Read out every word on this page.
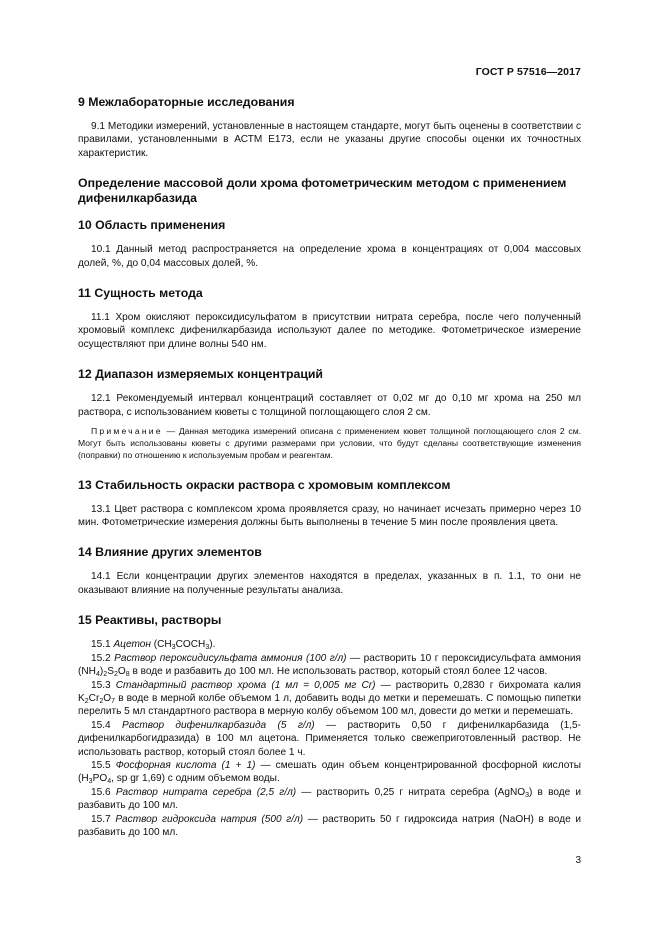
ГОСТ Р 57516—2017
9 Межлабораторные исследования

9.1 Методики измерений, установленные в настоящем стандарте, могут быть оценены в соответствии с правилами, установленными в АСТМ Е173, если не указаны другие способы оценки их точностных характеристик.

Определение массовой доли хрома фотометрическим методом с применением дифенилкарбазида
10 Область применения

10.1 Данный метод распространяется на определение хрома в концентрациях от 0,004 массовых долей, %, до 0,04 массовых долей, %.

11 Сущность метода

11.1 Хром окисляют пероксидисульфатом в присутствии нитрата серебра, после чего полученный хромовый комплекс дифенилкарбазида используют далее по методике. Фотометрическое измерение осуществляют при длине волны 540 нм.

12 Диапазон измеряемых концентраций

12.1 Рекомендуемый интервал концентраций составляет от 0,02 мг до 0,10 мг хрома на 250 мл раствора, с использованием кюветы с толщиной поглощающего слоя 2 см.

Примечание — Данная методика измерений описана с применением кювет толщиной поглощающего слоя 2 см. Могут быть использованы кюветы с другими размерами при условии, что будут сделаны соответствующие изменения (поправки) по отношению к используемым пробам и реагентам.

13 Стабильность окраски раствора с хромовым комплексом

13.1 Цвет раствора с комплексом хрома проявляется сразу, но начинает исчезать примерно через 10 мин. Фотометрические измерения должны быть выполнены в течение 5 мин после проявления цвета.

14 Влияние других элементов

14.1 Если концентрации других элементов находятся в пределах, указанных в п. 1.1, то они не оказывают влияние на полученные результаты анализа.

15 Реактивы, растворы

15.1 Ацетон $(CH_3COCH_3)$.

15.2 Раствор пероксидисульфата аммония (100 г/л) — растворить 10 г пероксидисульфата аммония $(NH_4)_2S_2O_8$ в воде и разбавить до 100 мл. Не использовать раствор, который стоял более 12 часов.

15.3 Стандартный раствор хрома (1 мл = 0,005 мг Cr) — растворить 0,2830 г бихромата калия $K_2Cr_2O_7$ в воде в мерной колбе объемом 1 л, добавить воды до метки и перемешать. С помощью пипетки перелить 5 мл стандартного раствора в мерную колбу объемом 100 мл, довести до метки и перемешать.

15.4 Раствор дифенилкарбазида (5 г/л) — растворить 0,50 г дифенилкарбазида (1,5-дифенилкарбогидразида) в 100 мл ацетона. Применяется только свежеприготовленный раствор. Не использовать раствор, который стоял более 1 ч.

15.5 Фосфорная кислота (1 + 1) — смешать один объем концентрированной фосфорной кислоты ($H_3PO_4$, sp gr 1,69) с одним объемом воды.

15.6 Раствор нитрата серебра (2,5 г/л) — растворить 0,25 г нитрата серебра (AgNO$_3$) в воде и разбавить до 100 мл.

15.7 Раствор гидроксида натрия (500 г/л) — растворить 50 г гидроксида натрия (NaOH) в воде и разбавить до 100 мл.

3
